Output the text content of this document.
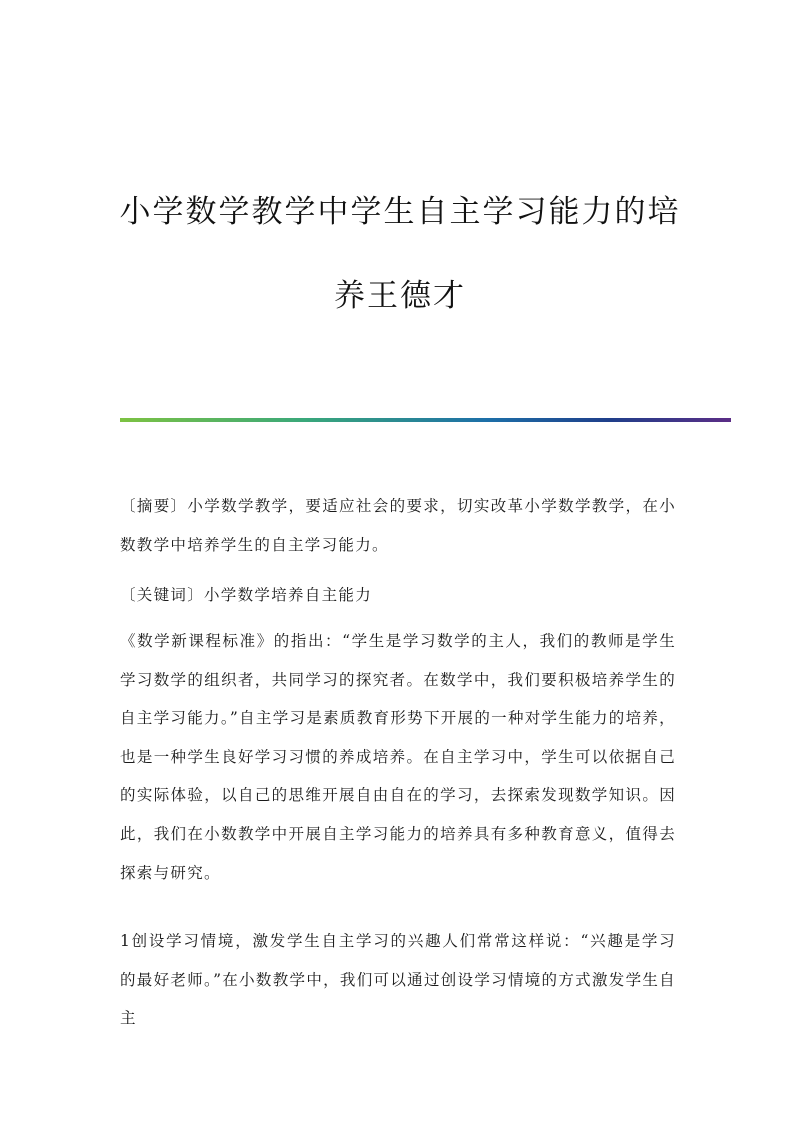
小学数学教学中学生自主学习能力的培
养王德才

〔摘要〕小学数学教学，要适应社会的要求，切实改革小学数学教学，在小数教学中培养学生的自主学习能力。

〔关键词〕小学数学培养自主能力

《数学新课程标准》的指出：“学生是学习数学的主人，我们的教师是学生学习数学的组织者，共同学习的探究者。在数学中，我们要积极培养学生的自主学习能力。”自主学习是素质教育形势下开展的一种对学生能力的培养，也是一种学生良好学习习惯的养成培养。在自主学习中，学生可以依据自己的实际体验，以自己的思维开展自由自在的学习，去探索发现数学知识。因此，我们在小数教学中开展自主学习能力的培养具有多种教育意义，值得去探索与研究。

1创设学习情境，激发学生自主学习的兴趣人们常常这样说：“兴趣是学习的最好老师。”在小数教学中，我们可以通过创设学习情境的方式激发学生自主
